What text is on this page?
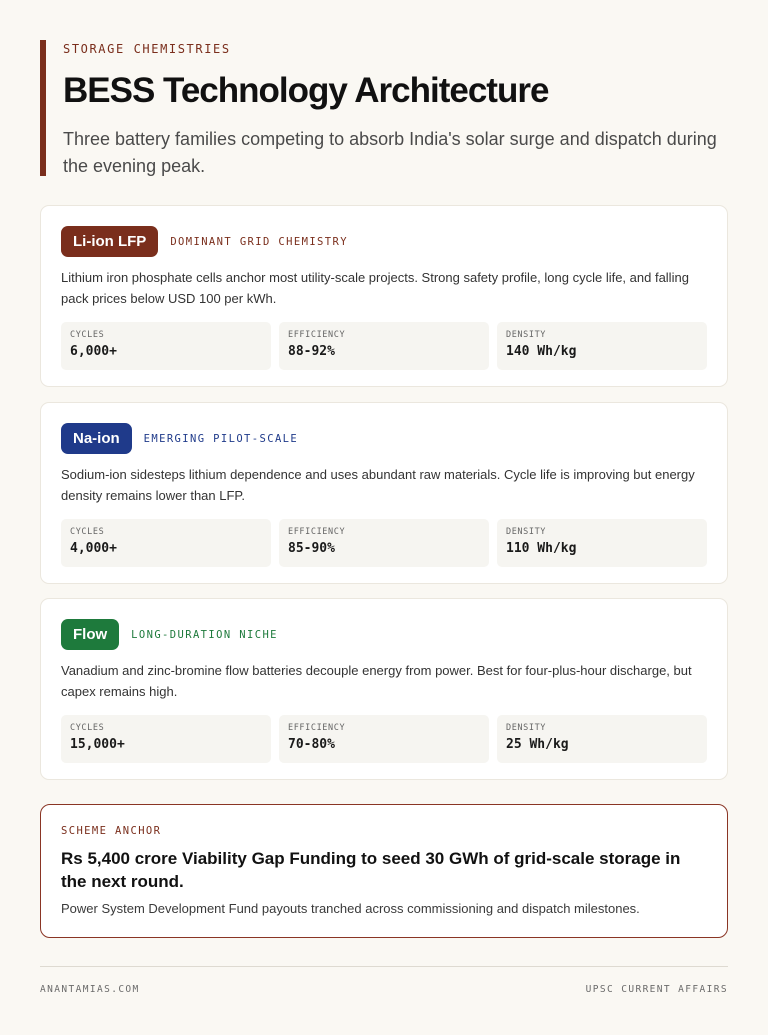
STORAGE CHEMISTRIES
BESS Technology Architecture

Three battery families competing to absorb India's solar surge and dispatch during the evening peak.

Li-ion LFP	DOMINANT GRID CHEMISTRY

Lithium iron phosphate cells anchor most utility-scale projects. Strong safety profile, long cycle life, and falling pack prices below USD 100 per kWh.

CYCLES
6,000+
EFFICIENCY
88-92%
DENSITY
140 Wh/kg
Na-ion	EMERGING PILOT-SCALE

Sodium-ion sidesteps lithium dependence and uses abundant raw materials. Cycle life is improving but energy density remains lower than LFP.

CYCLES
4,000+
EFFICIENCY
85-90%
DENSITY
110 Wh/kg
Flow	LONG-DURATION NICHE

Vanadium and zinc-bromine flow batteries decouple energy from power. Best for four-plus-hour discharge, but capex remains high.

CYCLES
15,000+
EFFICIENCY
70-80%
DENSITY
25 Wh/kg
SCHEME ANCHOR
Rs 5,400 crore Viability Gap Funding to seed 30 GWh of grid-scale storage in the next round.

Power System Development Fund payouts tranched across commissioning and dispatch milestones.

ANANTAMIAS.COM	UPSC CURRENT AFFAIRS
